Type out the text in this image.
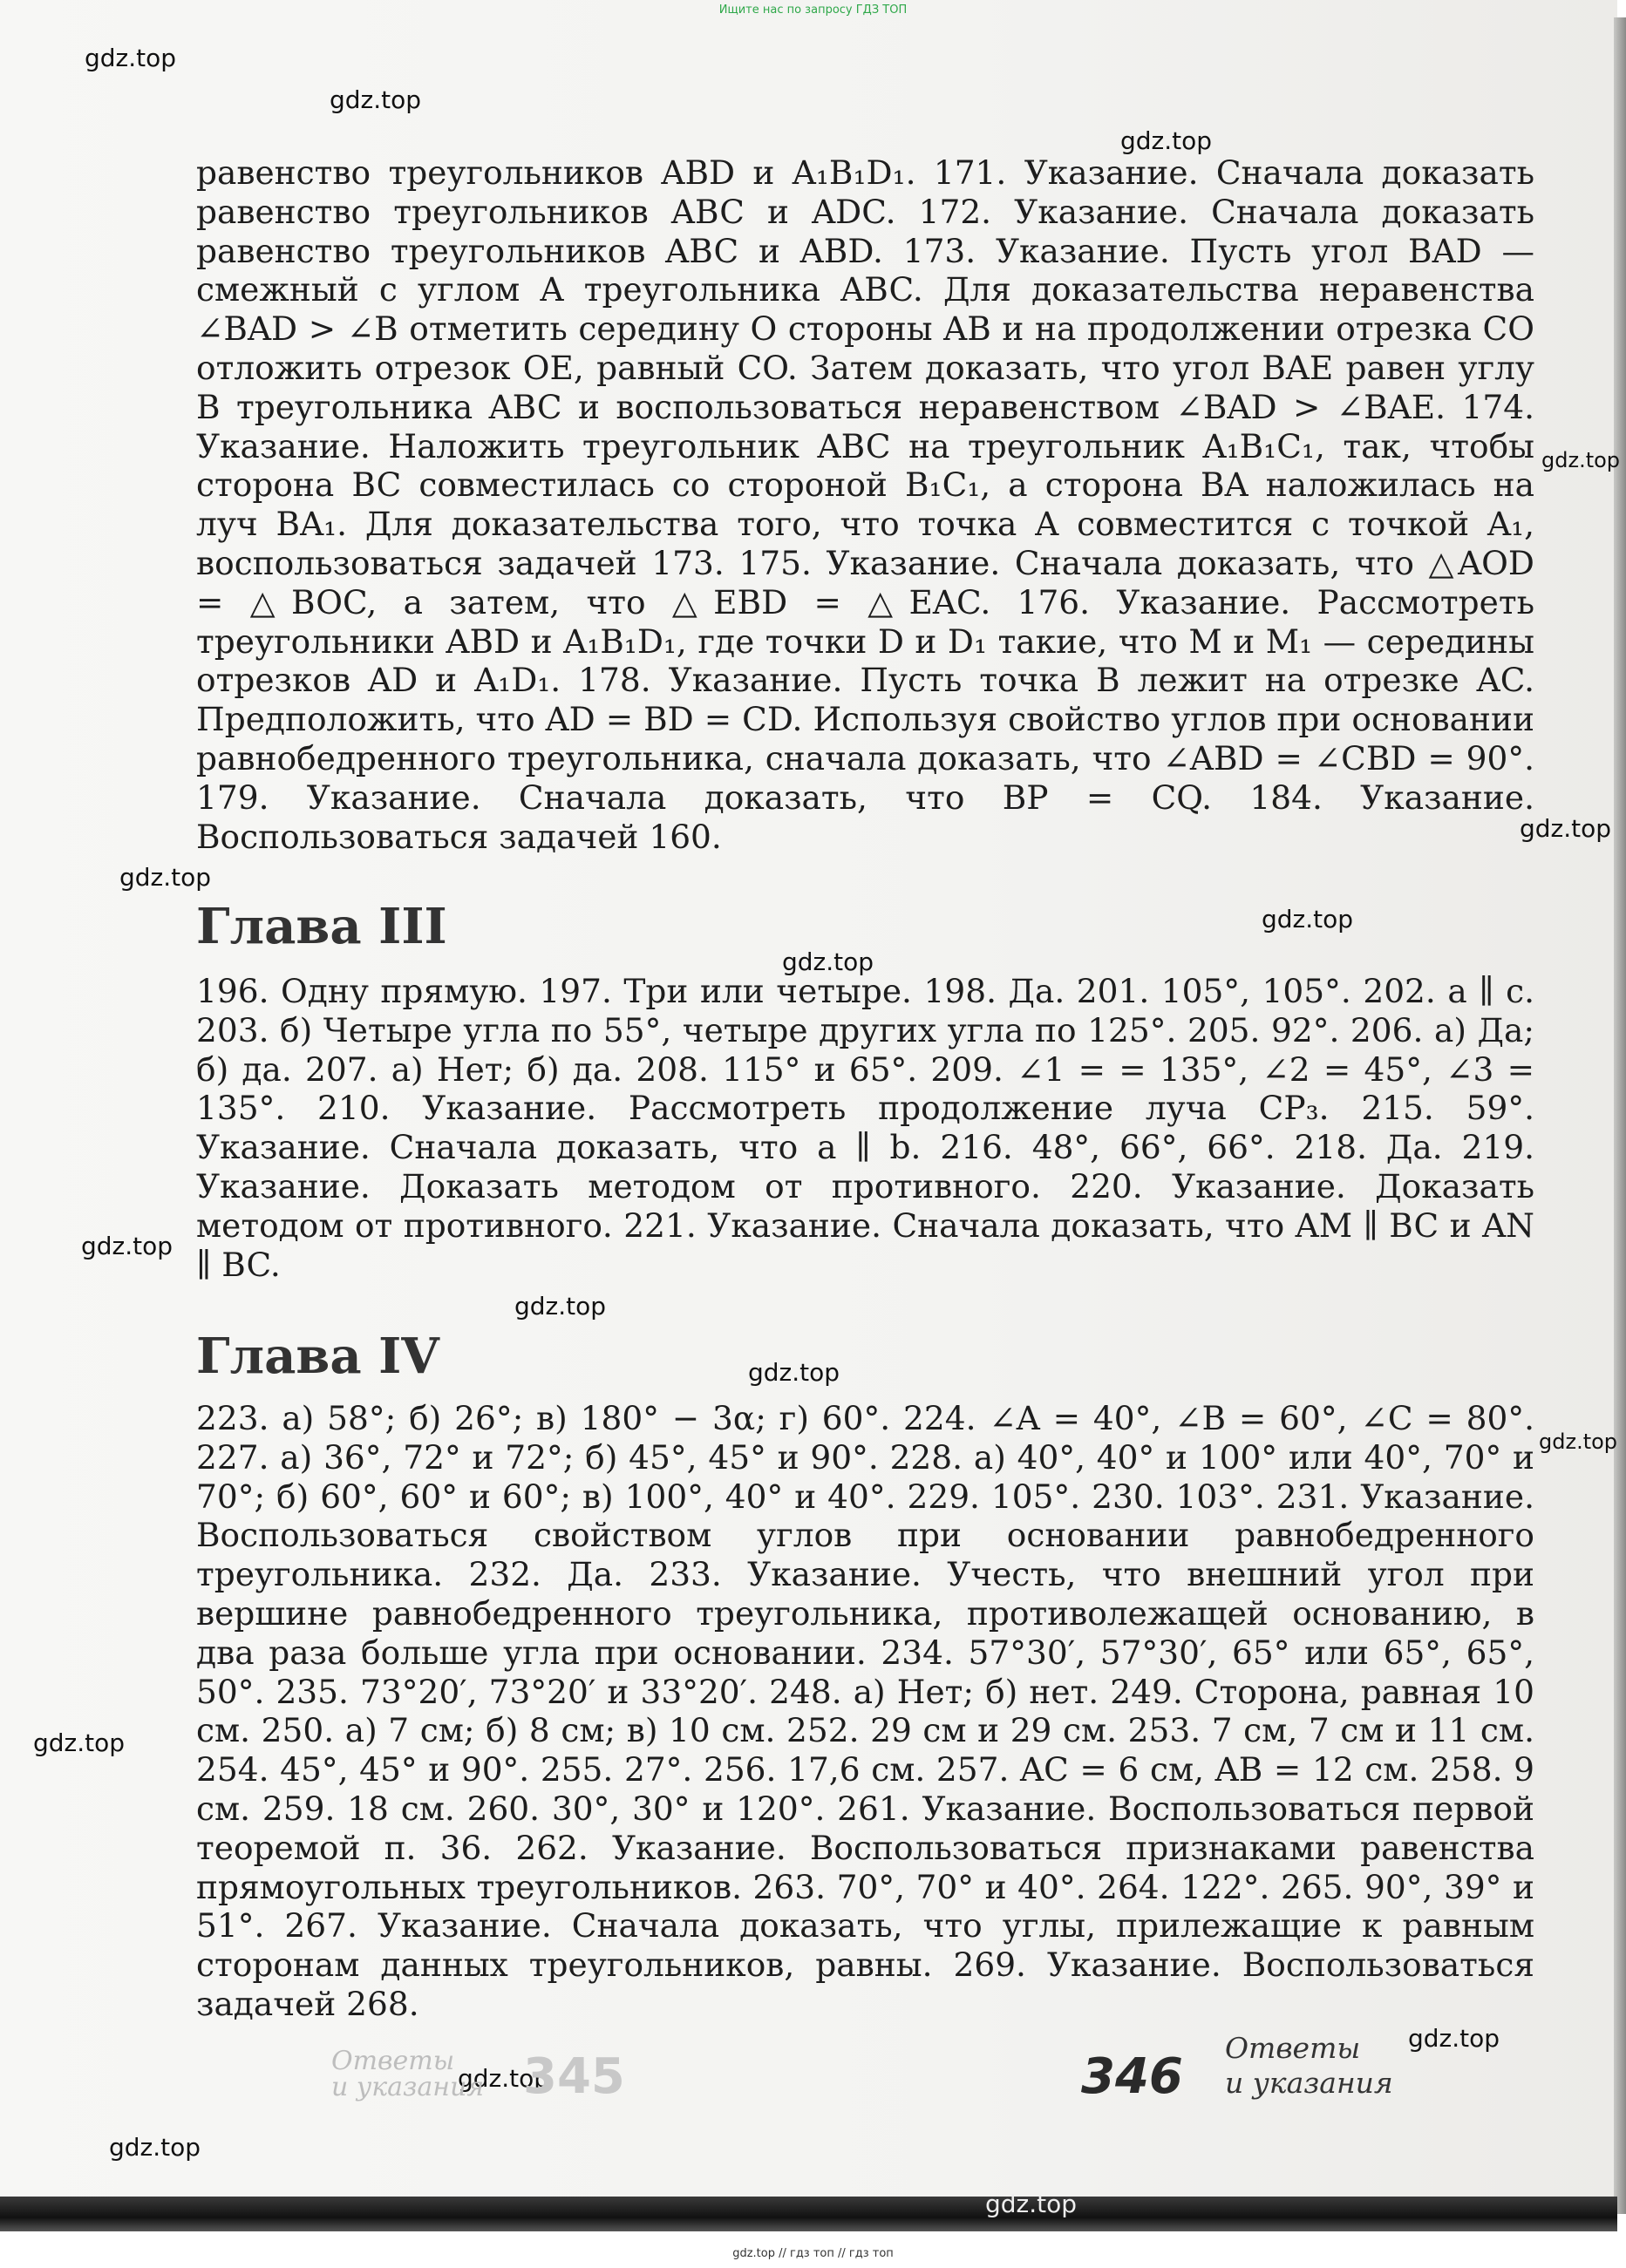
Ищите нас по запросу ГДЗ ТОП
gdz.top
gdz.top
gdz.top
gdz.top
gdz.top
gdz.top
gdz.top
gdz.top
gdz.top
gdz.top
gdz.top
gdz.top
gdz.top
gdz.top
gdz.top
gdz.top
gdz.top

равенство треугольников ABD и A₁B₁D₁. 171. Указание. Сначала доказать равенство треугольников ABC и ADC. 172. Указание. Сначала доказать равенство треугольников ABC и ABD. 173. Указание. Пусть угол BAD — смежный с углом A треугольника ABC. Для доказательства неравенства ∠BAD > ∠B отметить середину O стороны AB и на продолжении отрезка CO отложить отрезок OE, равный CO. Затем доказать, что угол BAE равен углу B треугольника ABC и воспользоваться неравенством ∠BAD > ∠BAE. 174. Указание. Наложить треугольник ABC на треугольник A₁B₁C₁, так, чтобы сторона BC совместилась со стороной B₁C₁, а сторона BA наложилась на луч BA₁. Для доказательства того, что точка A совместится с точкой A₁, воспользоваться задачей 173. 175. Указание. Сначала доказать, что △AOD = △BOC, а затем, что △EBD = △EAC. 176. Указание. Рассмотреть треугольники ABD и A₁B₁D₁, где точки D и D₁ такие, что M и M₁ — середины отрезков AD и A₁D₁. 178. Указание. Пусть точка B лежит на отрезке AC. Предположить, что AD = BD = CD. Используя свойство углов при основании равнобедренного треугольника, сначала доказать, что ∠ABD = ∠CBD = 90°. 179. Указание. Сначала доказать, что BP = CQ. 184. Указание. Воспользоваться задачей 160.

Глава III

196. Одну прямую. 197. Три или четыре. 198. Да. 201. 105°, 105°. 202. a ∥ c. 203. б) Четыре угла по 55°, четыре других угла по 125°. 205. 92°. 206. а) Да; б) да. 207. а) Нет; б) да. 208. 115° и 65°. 209. ∠1 = = 135°, ∠2 = 45°, ∠3 = 135°. 210. Указание. Рассмотреть продолжение луча CP₃. 215. 59°. Указание. Сначала доказать, что a ∥ b. 216. 48°, 66°, 66°. 218. Да. 219. Указание. Доказать методом от противного. 220. Указание. Доказать методом от противного. 221. Указание. Сначала доказать, что AM ∥ BC и AN ∥ BC.

Глава IV

223. а) 58°; б) 26°; в) 180° − 3α; г) 60°. 224. ∠A = 40°, ∠B = 60°, ∠C = 80°. 227. а) 36°, 72° и 72°; б) 45°, 45° и 90°. 228. а) 40°, 40° и 100° или 40°, 70° и 70°; б) 60°, 60° и 60°; в) 100°, 40° и 40°. 229. 105°. 230. 103°. 231. Указание. Воспользоваться свойством углов при основании равнобедренного треугольника. 232. Да. 233. Указание. Учесть, что внешний угол при вершине равнобедренного треугольника, противолежащей основанию, в два раза больше угла при основании. 234. 57°30′, 57°30′, 65° или 65°, 65°, 50°. 235. 73°20′, 73°20′ и 33°20′. 248. а) Нет; б) нет. 249. Сторона, равная 10 см. 250. а) 7 см; б) 8 см; в) 10 см. 252. 29 см и 29 см. 253. 7 см, 7 см и 11 см. 254. 45°, 45° и 90°. 255. 27°. 256. 17,6 см. 257. AC = 6 см, AB = 12 см. 258. 9 см. 259. 18 см. 260. 30°, 30° и 120°. 261. Указание. Воспользоваться первой теоремой п. 36. 262. Указание. Воспользоваться признаками равенства прямоугольных треугольников. 263. 70°, 70° и 40°. 264. 122°. 265. 90°, 39° и 51°. 267. Указание. Сначала доказать, что углы, прилежащие к равным сторонам данных треугольников, равны. 269. Указание. Воспользоваться задачей 268.

Ответы
и указания 345	346
Ответы
и указания
gdz.top // гдз топ // гдз топ
